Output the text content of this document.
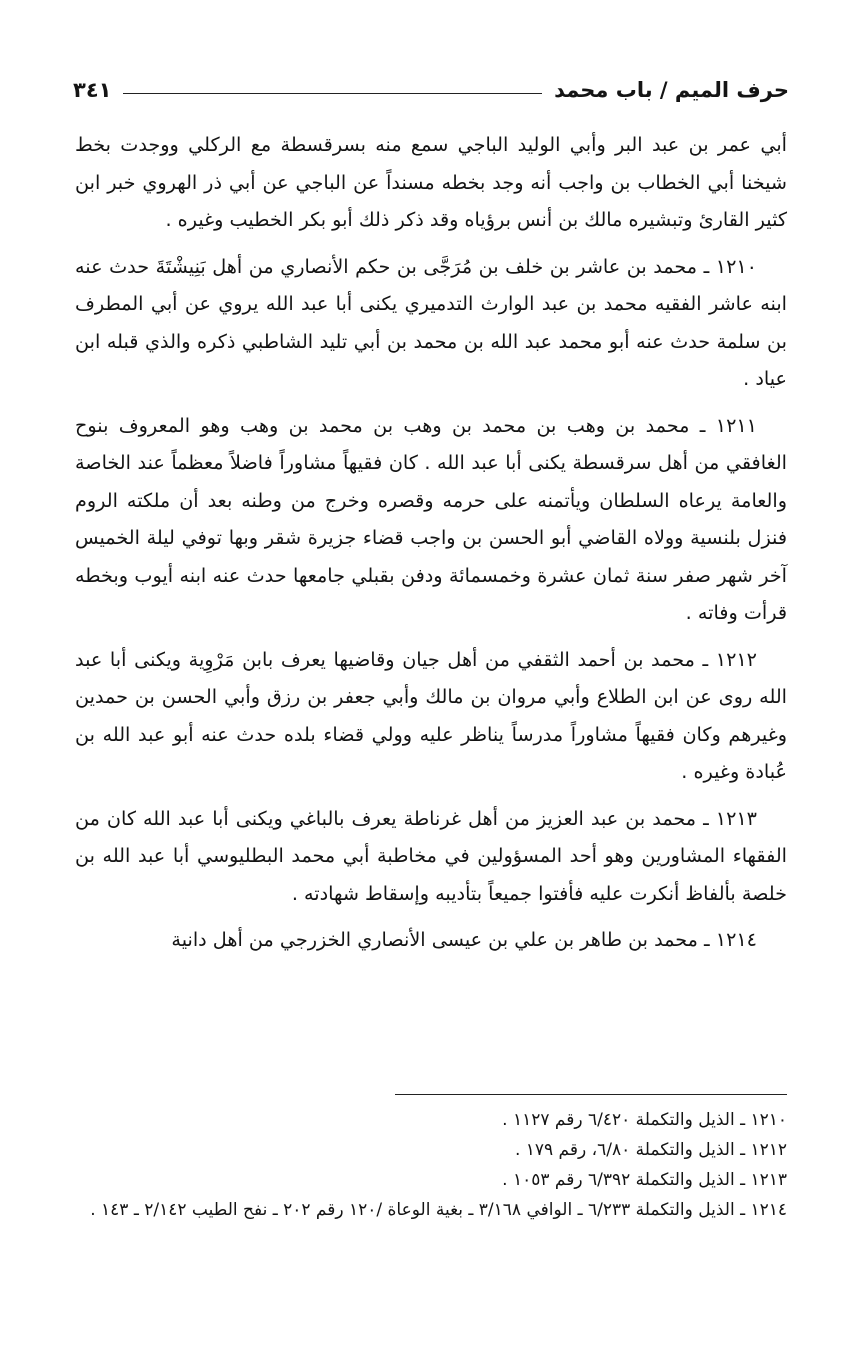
حرف الميم / باب محمد
٣٤١

أبي عمر بن عبد البر وأبي الوليد الباجي سمع منه بسرقسطة مع الركلي ووجدت بخط شيخنا أبي الخطاب بن واجب أنه وجد بخطه مسنداً عن الباجي عن أبي ذر الهروي خبر ابن كثير القارئ وتبشيره مالك بن أنس برؤياه وقد ذكر ذلك أبو بكر الخطيب وغيره .

١٢١٠ ـ محمد بن عاشر بن خلف بن مُرَجَّى بن حكم الأنصاري من أهل بَنِيشْتَةَ حدث عنه ابنه عاشر الفقيه محمد بن عبد الوارث التدميري يكنى أبا عبد الله يروي عن أبي المطرف بن سلمة حدث عنه أبو محمد عبد الله بن محمد بن أبي تليد الشاطبي ذكره والذي قبله ابن عياد .

١٢١١ ـ محمد بن وهب بن محمد بن وهب بن محمد بن وهب وهو المعروف بنوح الغافقي من أهل سرقسطة يكنى أبا عبد الله . كان فقيهاً مشاوراً فاضلاً معظماً عند الخاصة والعامة يرعاه السلطان ويأتمنه على حرمه وقصره وخرج من وطنه بعد أن ملكته الروم فنزل بلنسية وولاه القاضي أبو الحسن بن واجب قضاء جزيرة شقر وبها توفي ليلة الخميس آخر شهر صفر سنة ثمان عشرة وخمسمائة ودفن بقبلي جامعها حدث عنه ابنه أيوب وبخطه قرأت وفاته .

١٢١٢ ـ محمد بن أحمد الثقفي من أهل جيان وقاضيها يعرف بابن مَرْوِية ويكنى أبا عبد الله روى عن ابن الطلاع وأبي مروان بن مالك وأبي جعفر بن رزق وأبي الحسن بن حمدين وغيرهم وكان فقيهاً مشاوراً مدرساً يناظر عليه وولي قضاء بلده حدث عنه أبو عبد الله بن عُبادة وغيره .

١٢١٣ ـ محمد بن عبد العزيز من أهل غرناطة يعرف بالباغي ويكنى أبا عبد الله كان من الفقهاء المشاورين وهو أحد المسؤولين في مخاطبة أبي محمد البطليوسي أبا عبد الله بن خلصة بألفاظ أنكرت عليه فأفتوا جميعاً بتأديبه وإسقاط شهادته .

١٢١٤ ـ محمد بن طاهر بن علي بن عيسى الأنصاري الخزرجي من أهل دانية

١٢١٠ ـ الذيل والتكملة ٦/٤٢٠ رقم ١١٢٧ .

١٢١٢ ـ الذيل والتكملة ٦/٨٠، رقم ١٧٩ .

١٢١٣ ـ الذيل والتكملة ٦/٣٩٢ رقم ١٠٥٣ .

١٢١٤ ـ الذيل والتكملة ٦/٢٣٣ ـ الوافي ٣/١٦٨ ـ بغية الوعاة /١٢٠ رقم ٢٠٢ ـ نفح الطيب ٢/١٤٢ ـ ١٤٣ .
